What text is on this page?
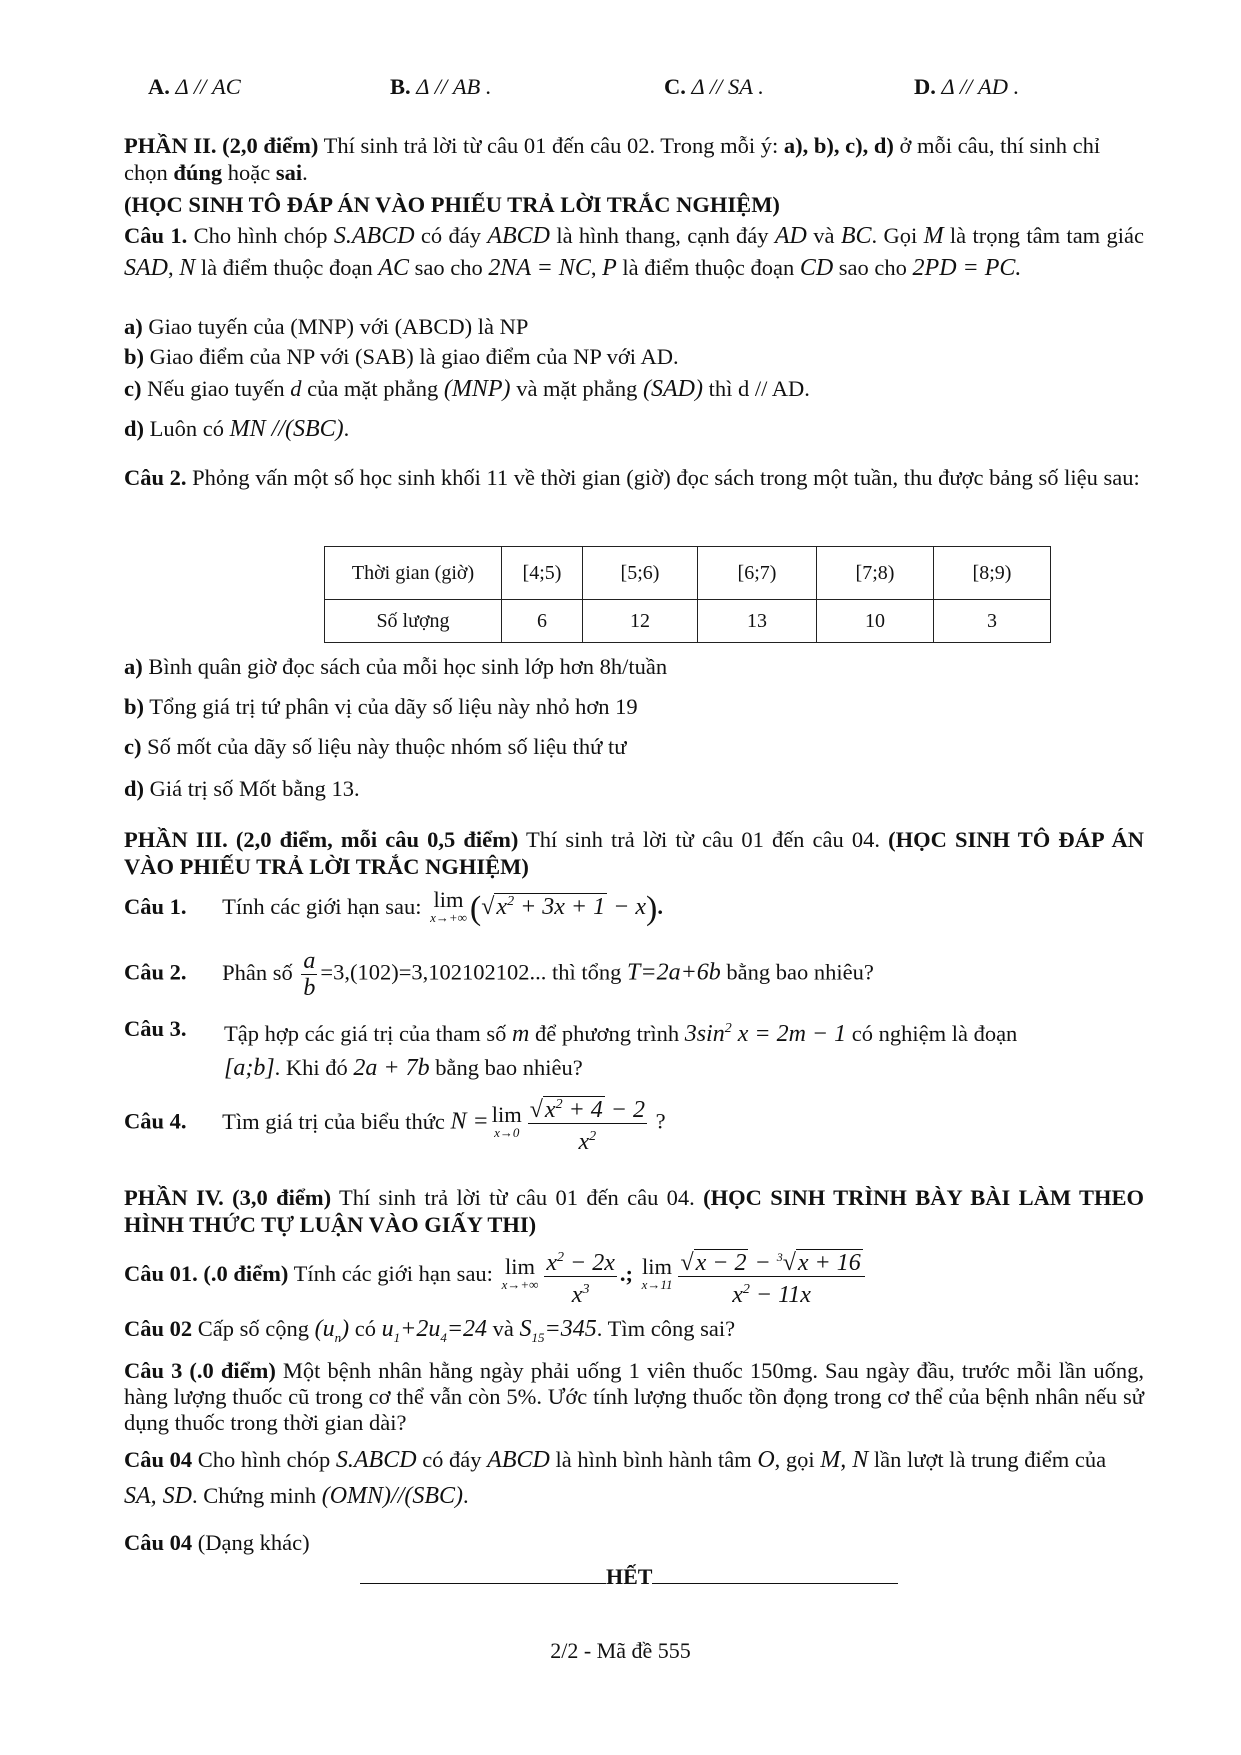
A. Δ // AC	B. Δ // AB .	C. Δ // SA .	D. Δ // AD .
PHẦN II. (2,0 điểm) Thí sinh trả lời từ câu 01 đến câu 02. Trong mỗi ý: a), b), c), d) ở mỗi câu, thí sinh chỉ chọn đúng hoặc sai.
(HỌC SINH TÔ ĐÁP ÁN VÀO PHIẾU TRẢ LỜI TRẮC NGHIỆM)
Câu 1. Cho hình chóp S.ABCD có đáy ABCD là hình thang, cạnh đáy AD và BC. Gọi M là trọng tâm tam giác SAD, N là điểm thuộc đoạn AC sao cho 2NA = NC, P là điểm thuộc đoạn CD sao cho 2PD = PC.
a) Giao tuyến của (MNP) với (ABCD) là NP
b) Giao điểm của NP với (SAB) là giao điểm của NP với AD.
c) Nếu giao tuyến d của mặt phẳng (MNP) và mặt phẳng (SAD) thì d // AD.
d) Luôn có MN //(SBC).
Câu 2. Phỏng vấn một số học sinh khối 11 về thời gian (giờ) đọc sách trong một tuần, thu được bảng số liệu sau:
Thời gian (giờ)	[4;5)	[5;6)	[6;7)	[7;8)	[8;9)
Số lượng	6	12	13	10	3
a) Bình quân giờ đọc sách của mỗi học sinh lớp hơn 8h/tuần
b) Tổng giá trị tứ phân vị của dãy số liệu này nhỏ hơn 19
c) Số mốt của dãy số liệu này thuộc nhóm số liệu thứ tư
d) Giá trị số Mốt bằng 13.
PHẦN III. (2,0 điểm, mỗi câu 0,5 điểm) Thí sinh trả lời từ câu 01 đến câu 04. (HỌC SINH TÔ ĐÁP ÁN VÀO PHIẾU TRẢ LỜI TRẮC NGHIỆM)
Câu 1. Tính các giới hạn sau: lim
x→+∞ $(√x^2 + 3x + 1 - x)$.
Câu 2. Phân số $\frac{a}{b} =3,(102)=3,102102102$... thì tổng T=2a+6b bằng bao nhiêu?
Câu 3. Tập hợp các giá trị của tham số m để phương trình $3\sin^2$ x = 2m − 1 có nghiệm là đoạn
[a;b]. Khi đó 2a + 7b bằng bao nhiêu?
Câu 4. Tìm giá trị của biểu thức N = lim
$x\to 0 \frac{√x^2 + 4 - 2}{x^2}$ ?
PHẦN IV. (3,0 điểm) Thí sinh trả lời từ câu 01 đến câu 04. (HỌC SINH TRÌNH BÀY BÀI LÀM THEO HÌNH THỨC TỰ LUẬN VÀO GIẤY THI)
Câu 01. (.0 điểm) Tính các giới hạn sau: lim
$x\to+\infty \frac{x^2 - 2x}{x^3}$ .; lim
$x\to 11 \frac{√x - 2 - ^3√x + 16}{x^2 - 11x}$
Câu 02 Cấp số cộng $(u_n)$ có $u_1+2u_4=24$ và $S_{15}=345$. Tìm công sai?
Câu 3 (.0 điểm) Một bệnh nhân hằng ngày phải uống 1 viên thuốc 150mg. Sau ngày đầu, trước mỗi lần uống, hàng lượng thuốc cũ trong cơ thể vẫn còn 5%. Ước tính lượng thuốc tồn đọng trong cơ thể của bệnh nhân nếu sử dụng thuốc trong thời gian dài?
Câu 04 Cho hình chóp S.ABCD có đáy ABCD là hình bình hành tâm O, gọi M, N lần lượt là trung điểm của SA, SD. Chứng minh (OMN)//(SBC).
Câu 04 (Dạng khác)
HẾT
2/2 - Mã đề 555
